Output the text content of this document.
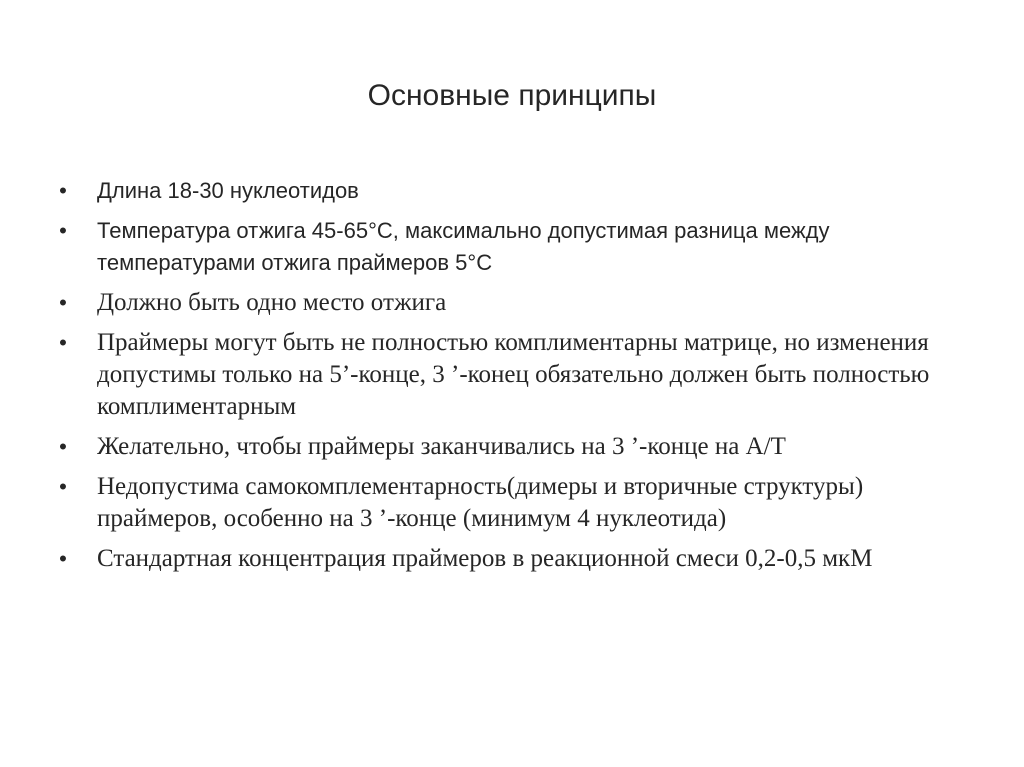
Основные принципы
• Длина 18-30 нуклеотидов
• Температура отжига 45-65°С, максимально допустимая разница между температурами отжига праймеров 5°С
• Должно быть одно место отжига
• Праймеры могут быть не полностью комплиментарны матрице, но изменения допустимы только на 5’-конце, 3 ’-конец обязательно должен быть полностью комплиментарным
• Желательно, чтобы праймеры заканчивались на 3 ’-конце на А/Т
• Недопустима самокомплементарность(димеры и вторичные структуры) праймеров, особенно на 3 ’-конце (минимум 4 нуклеотида)
• Стандартная концентрация праймеров в реакционной смеси 0,2-0,5 мкМ
